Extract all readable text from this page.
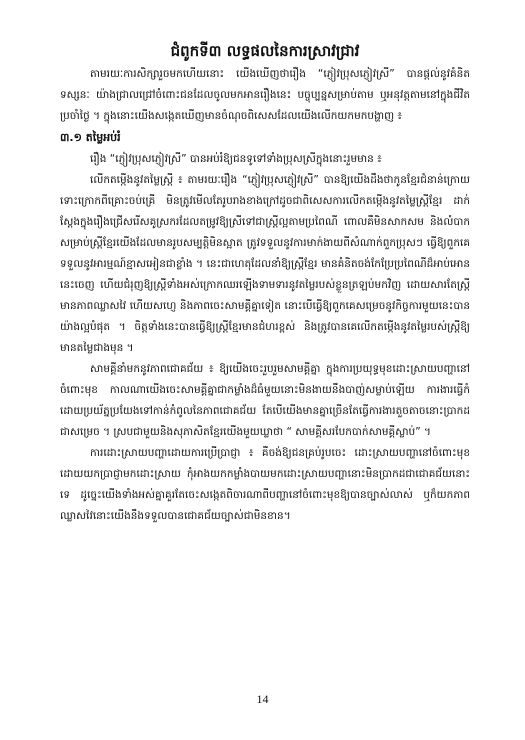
ជំពូកទី៣ លទ្ធផលនៃការស្រាវជ្រាវ

តាមរយៈការសិក្សារួចមកហើយនោះ យើងឃើញថារឿង “ភ្ញៀវប្រុសភ្ញៀវស្រី” បានផ្តល់នូវគំនិត ទស្សនៈ យ៉ាងជ្រាលជ្រៅចំពោះជនដែលចូលមកអានរឿងនេះ បច្ចុប្បន្នសម្រាប់តាម ឬអនុវត្តតាមនៅក្នុងជីវិតប្រចាំថ្ងៃ ។ ក្នុងនោះយើងសង្កេតឃើញមានចំណុចពិសេសដែលយើងលើកយកមកបង្ហាញ ៖

៣.១ តម្លៃអប់រំ

រឿង “ភ្ញៀវប្រុសភ្ញៀវស្រី” បានអប់រំឱ្យជនទូទៅទាំងប្រុសស្រីក្នុងនោះរួមមាន ៖

លើកតម្កើងនូវតម្លៃស្ត្រី ៖ តាមរយៈរឿង “ភ្ញៀវប្រុសភ្ញៀវស្រី” បានឱ្យយើងដឹងថាកូនខ្មែរជំនាន់ក្រោយ ទោះក្រោកពីគ្រោះចប់គ្រើ មិនត្រូវមើលតែរូបរាងខាងក្រៅដូចជាពិសេសការលើកតម្កើងនូវតម្លៃស្ត្រីខ្មែរ ដាក់ស្តែងក្នុងរឿងជ្រើសរើសគូស្រករដែលតម្រូវឱ្យស្រីទៅជាស្ដ្រីល្អតាមប្រពៃណី ពោលគឺមិនសាកសម និងលំបាកសម្រាប់ស្ត្រីខ្មែរយើងដែលមានរូបសម្បត្តិមិនស្អាត ត្រូវទទួលនូវការមាក់ងាយពីសំណាក់ពួកប្រុសៗ ធ្វើឱ្យពួកគេទទួលនូវអារម្មណ៍ខ្មាសអៀនជាខ្លាំង ។ នេះជាហេតុដែលនាំឱ្យស្ត្រីខ្មែរ មានគំនិតចង់កែប្រែប្រពៃណីដ៏អាប់អោននេះចេញ ហើយជំរុញឱ្យស្ត្រីទាំងអស់ក្រោកឈរឡើងទាមទារនូវតម្លៃរបស់ខ្លួនត្រឡប់មកវិញ ដោយសារតែស្ត្រីមានភាពឈ្លាសវៃ ហើយសហ្ញេ និងភាពចេះសាមគ្គីគ្នាទៀត នោះបើធ្វើឱ្យពួកគេសម្រេចនូវកិច្ចការមួយនេះបានយ៉ាងល្អបំផុត ។ ចិត្តទាំងនេះបានធ្វើឱ្យស្ត្រីខ្មែរមានជំហរខ្ពស់ និងត្រូវបានគេលើកតម្កើងនូវតម្លៃរបស់ស្ត្រីឱ្យមានតម្លៃជាងមុន ។

សាមគ្គីនាំមកនូវភាពជោគជ័យ ៖ ឱ្យយើងចេះរួបរួមសាមគ្គីគ្នា ក្នុងការប្រយុទ្ធមុខដោះស្រាយបញ្ហានៅចំពោះមុខ កាលណាយើងចេះសាមគ្គីគ្នាជាកម្លាំងដ៏ធំមួយនោះមិនងាយនឹងបាញ់សម្លាប់ឡើយ ការងារធ្វើកំដោយប្រយ័ត្នប្រយែងទៅកាន់កំពូលនៃភាពជោគជ័យ តែបើយើងមានគ្នាច្រើនតែធ្វើការងារតួចតាចនោះប្រាកដជាសម្រេច ។ ស្របជាមួយនិងសុភាសិតខ្មែរយើងមួយឃ្លាថា “ សាមគ្គីសរបែកបាក់សាមគ្គីស្លាប់” ។

ការដោះស្រាយបញ្ហាដោយការប្រើប្រាជ្ញា ៖ គឺចង់ឱ្យជនគ្រប់រូបចេះ ដោះស្រាយបញ្ហានៅចំពោះមុខ ដោយយកប្រាជ្ញាមកដោះស្រាយ កុំអាងយកកម្លាំងបាយមកដោះស្រាយបញ្ហានោះមិនប្រាកដជាជោគជ័យនោះទេ ដូច្នេះយើងទាំងអស់គ្នាគួរតែចេះសង្កេតពិចារណាពីបញ្ហានៅចំពោះមុខឱ្យបានច្បាស់លាស់ ឬក៏យកភាពឈ្លាសវៃនោះយើងនឹងទទួលបានជោគជ័យច្បាស់ជាមិនខាន។

14
